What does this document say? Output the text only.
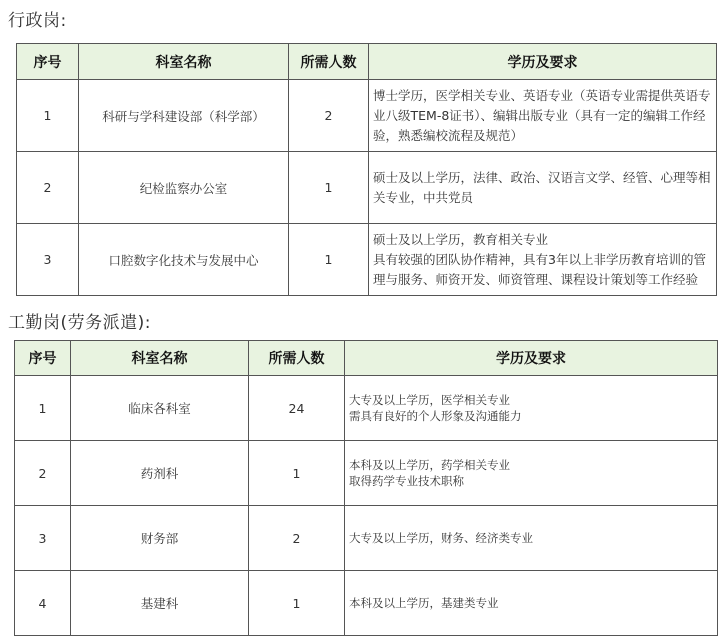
行政岗:
序号	科室名称	所需人数	学历及要求
1	科研与学科建设部（科学部）	2	博士学历，医学相关专业、英语专业（英语专业需提供英语专
业八级TEM-8证书）、编辑出版专业（具有一定的编辑工作经
验，熟悉编校流程及规范）

2	纪检监察办公室	1	硕士及以上学历，法律、政治、汉语言文学、经管、心理等相
关专业，中共党员

3	口腔数字化技术与发展中心	1	硕士及以上学历，教育相关专业
具有较强的团队协作精神，具有3年以上非学历教育培训的管
理与服务、师资开发、师资管理、课程设计策划等工作经验
工勤岗(劳务派遣):
序号	科室名称	所需人数	学历及要求
1	临床各科室	24	大专及以上学历，医学相关专业
需具有良好的个人形象及沟通能力

2	药剂科	1	本科及以上学历，药学相关专业
取得药学专业技术职称

3	财务部	2	大专及以上学历，财务、经济类专业

4	基建科	1	本科及以上学历，基建类专业
